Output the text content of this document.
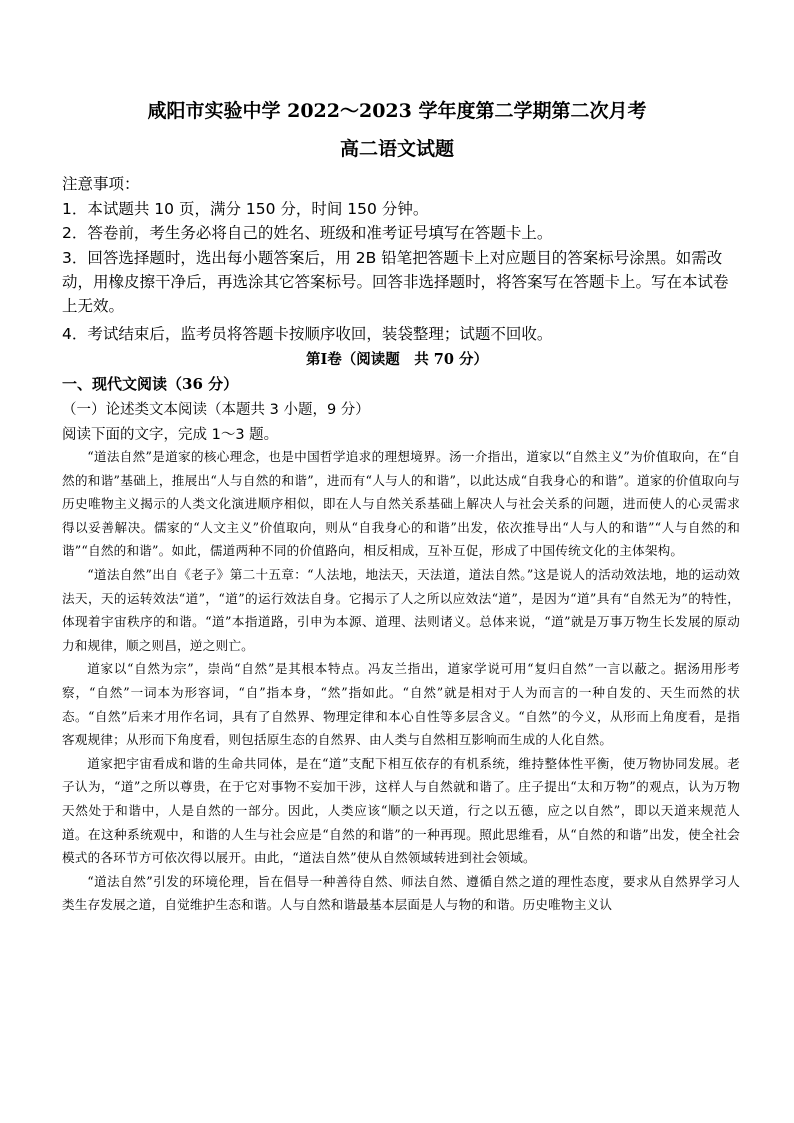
咸阳市实验中学 2022～2023 学年度第二学期第二次月考
高二语文试题
注意事项：
1．本试题共 10 页，满分 150 分，时间 150 分钟。
2．答卷前，考生务必将自己的姓名、班级和准考证号填写在答题卡上。
3．回答选择题时，选出每小题答案后，用 2B 铅笔把答题卡上对应题目的答案标号涂黑。如需改动，用橡皮擦干净后，再选涂其它答案标号。回答非选择题时，将答案写在答题卡上。写在本试卷上无效。
4．考试结束后，监考员将答题卡按顺序收回，装袋整理；试题不回收。
第Ⅰ卷（阅读题　共 70 分）
一、现代文阅读（36 分）
（一）论述类文本阅读（本题共 3 小题，9 分）
阅读下面的文字，完成 1～3 题。

“道法自然”是道家的核心理念，也是中国哲学追求的理想境界。汤一介指出，道家以“自然主义”为价值取向，在“自然的和谐”基础上，推展出“人与自然的和谐”，进而有“人与人的和谐”，以此达成“自我身心的和谐”。道家的价值取向与历史唯物主义揭示的人类文化演进顺序相似，即在人与自然关系基础上解决人与社会关系的问题，进而使人的心灵需求得以妥善解决。儒家的“人文主义”价值取向，则从“自我身心的和谐”出发，依次推导出“人与人的和谐”“人与自然的和谐”“自然的和谐”。如此，儒道两种不同的价值路向，相反相成，互补互促，形成了中国传统文化的主体架构。

“道法自然”出自《老子》第二十五章：“人法地，地法天，天法道，道法自然。”这是说人的活动效法地，地的运动效法天，天的运转效法“道”，“道”的运行效法自身。它揭示了人之所以应效法“道”，是因为“道”具有“自然无为”的特性，体现着宇宙秩序的和谐。“道”本指道路，引申为本源、道理、法则诸义。总体来说，“道”就是万事万物生长发展的原动力和规律，顺之则昌，逆之则亡。

道家以“自然为宗”，崇尚“自然”是其根本特点。冯友兰指出，道家学说可用“复归自然”一言以蔽之。据汤用彤考察，“自然”一词本为形容词，“自”指本身，“然”指如此。“自然”就是相对于人为而言的一种自发的、天生而然的状态。“自然”后来才用作名词，具有了自然界、物理定律和本心自性等多层含义。“自然”的今义，从形而上角度看，是指客观规律；从形而下角度看，则包括原生态的自然界、由人类与自然相互影响而生成的人化自然。

道家把宇宙看成和谐的生命共同体，是在“道”支配下相互依存的有机系统，维持整体性平衡，使万物协同发展。老子认为，“道”之所以尊贵，在于它对事物不妄加干涉，这样人与自然就和谐了。庄子提出“太和万物”的观点，认为万物天然处于和谐中，人是自然的一部分。因此，人类应该“顺之以天道，行之以五德，应之以自然”，即以天道来规范人道。在这种系统观中，和谐的人生与社会应是“自然的和谐”的一种再现。照此思维看，从“自然的和谐”出发，使全社会模式的各环节方可依次得以展开。由此，“道法自然”使从自然领域转进到社会领域。

“道法自然”引发的环境伦理，旨在倡导一种善待自然、师法自然、遵循自然之道的理性态度，要求从自然界学习人类生存发展之道，自觉维护生态和谐。人与自然和谐最基本层面是人与物的和谐。历史唯物主义认
